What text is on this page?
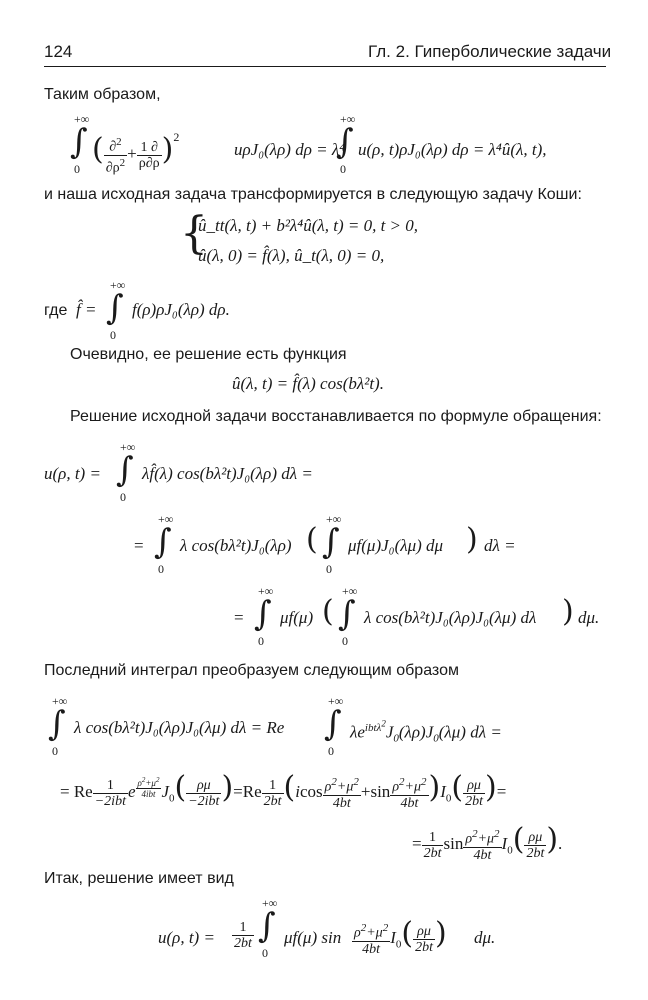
124	Гл. 2. Гиперболические задачи
Таким образом,
+∞
∫
0
( $\frac{\partial^2}{\partial\rho^2} + \frac{1 \partial}{\rho\partial\rho} )^2$
uρJ₀(λρ) dρ = λ⁴
+∞
∫
0
u(ρ, t)ρJ₀(λρ) dρ = λ⁴û(λ, t),
и наша исходная задача трансформируется в следующую задачу Коши:
{
û_tt(λ, t) + b²λ⁴û(λ, t) = 0, t > 0,
û(λ, 0) = f̂(λ), û_t(λ, 0) = 0,
где f̂ =
+∞
∫
0
f(ρ)ρJ₀(λρ) dρ.
Очевидно, ее решение есть функция
û(λ, t) = f̂(λ) cos(bλ²t).
Решение исходной задачи восстанавливается по формуле обращения:
u(ρ, t) =
+∞
∫
0
λf̂(λ) cos(bλ²t)J₀(λρ) dλ =
=
+∞
∫
0
λ cos(bλ²t)J₀(λρ) (
+∞
∫
0
μf(μ)J₀(λμ) dμ ) dλ =
=
+∞
∫
0
μf(μ) (
+∞
∫
0
λ cos(bλ²t)J₀(λρ)J₀(λμ) dλ ) dμ.
Последний интеграл преобразуем следующим образом
+∞
∫
0
λ cos(bλ²t)J₀(λρ)J₀(λμ) dλ = Re
+∞
∫
0
$\lambda e^{ibt\lambda^2}J_0(\lambda\rho)J_0(\lambda\mu) d\lambda$ =
= Re $\frac{1}{\text{−2ibt}}$ e $^{\frac{\rho^2+\mu^2}{\text{4ibt}}}$ $J_0( \frac{\rho\mu}{\text{−2ibt}} )=Re \frac{1}{2bt} (icos \frac{\rho^2+\mu^2}{4bt} +\sin \frac{\rho^2+\mu^2}{4bt} )I_0( \frac{\rho\mu}{2bt}$ )=
= $\frac{1}{2bt}$ $\sin \frac{\rho^2+\mu^2}{4bt} I_0( \frac{\rho\mu}{2bt}$ ).
Итак, решение имеет вид
u(ρ, $t) = \frac{1}{2bt}$
+∞
∫
0
μf(μ) $\sin \frac{\rho^2+\mu^2}{4bt} I_0( \frac{\rho\mu}{2bt}$ ) dμ.
